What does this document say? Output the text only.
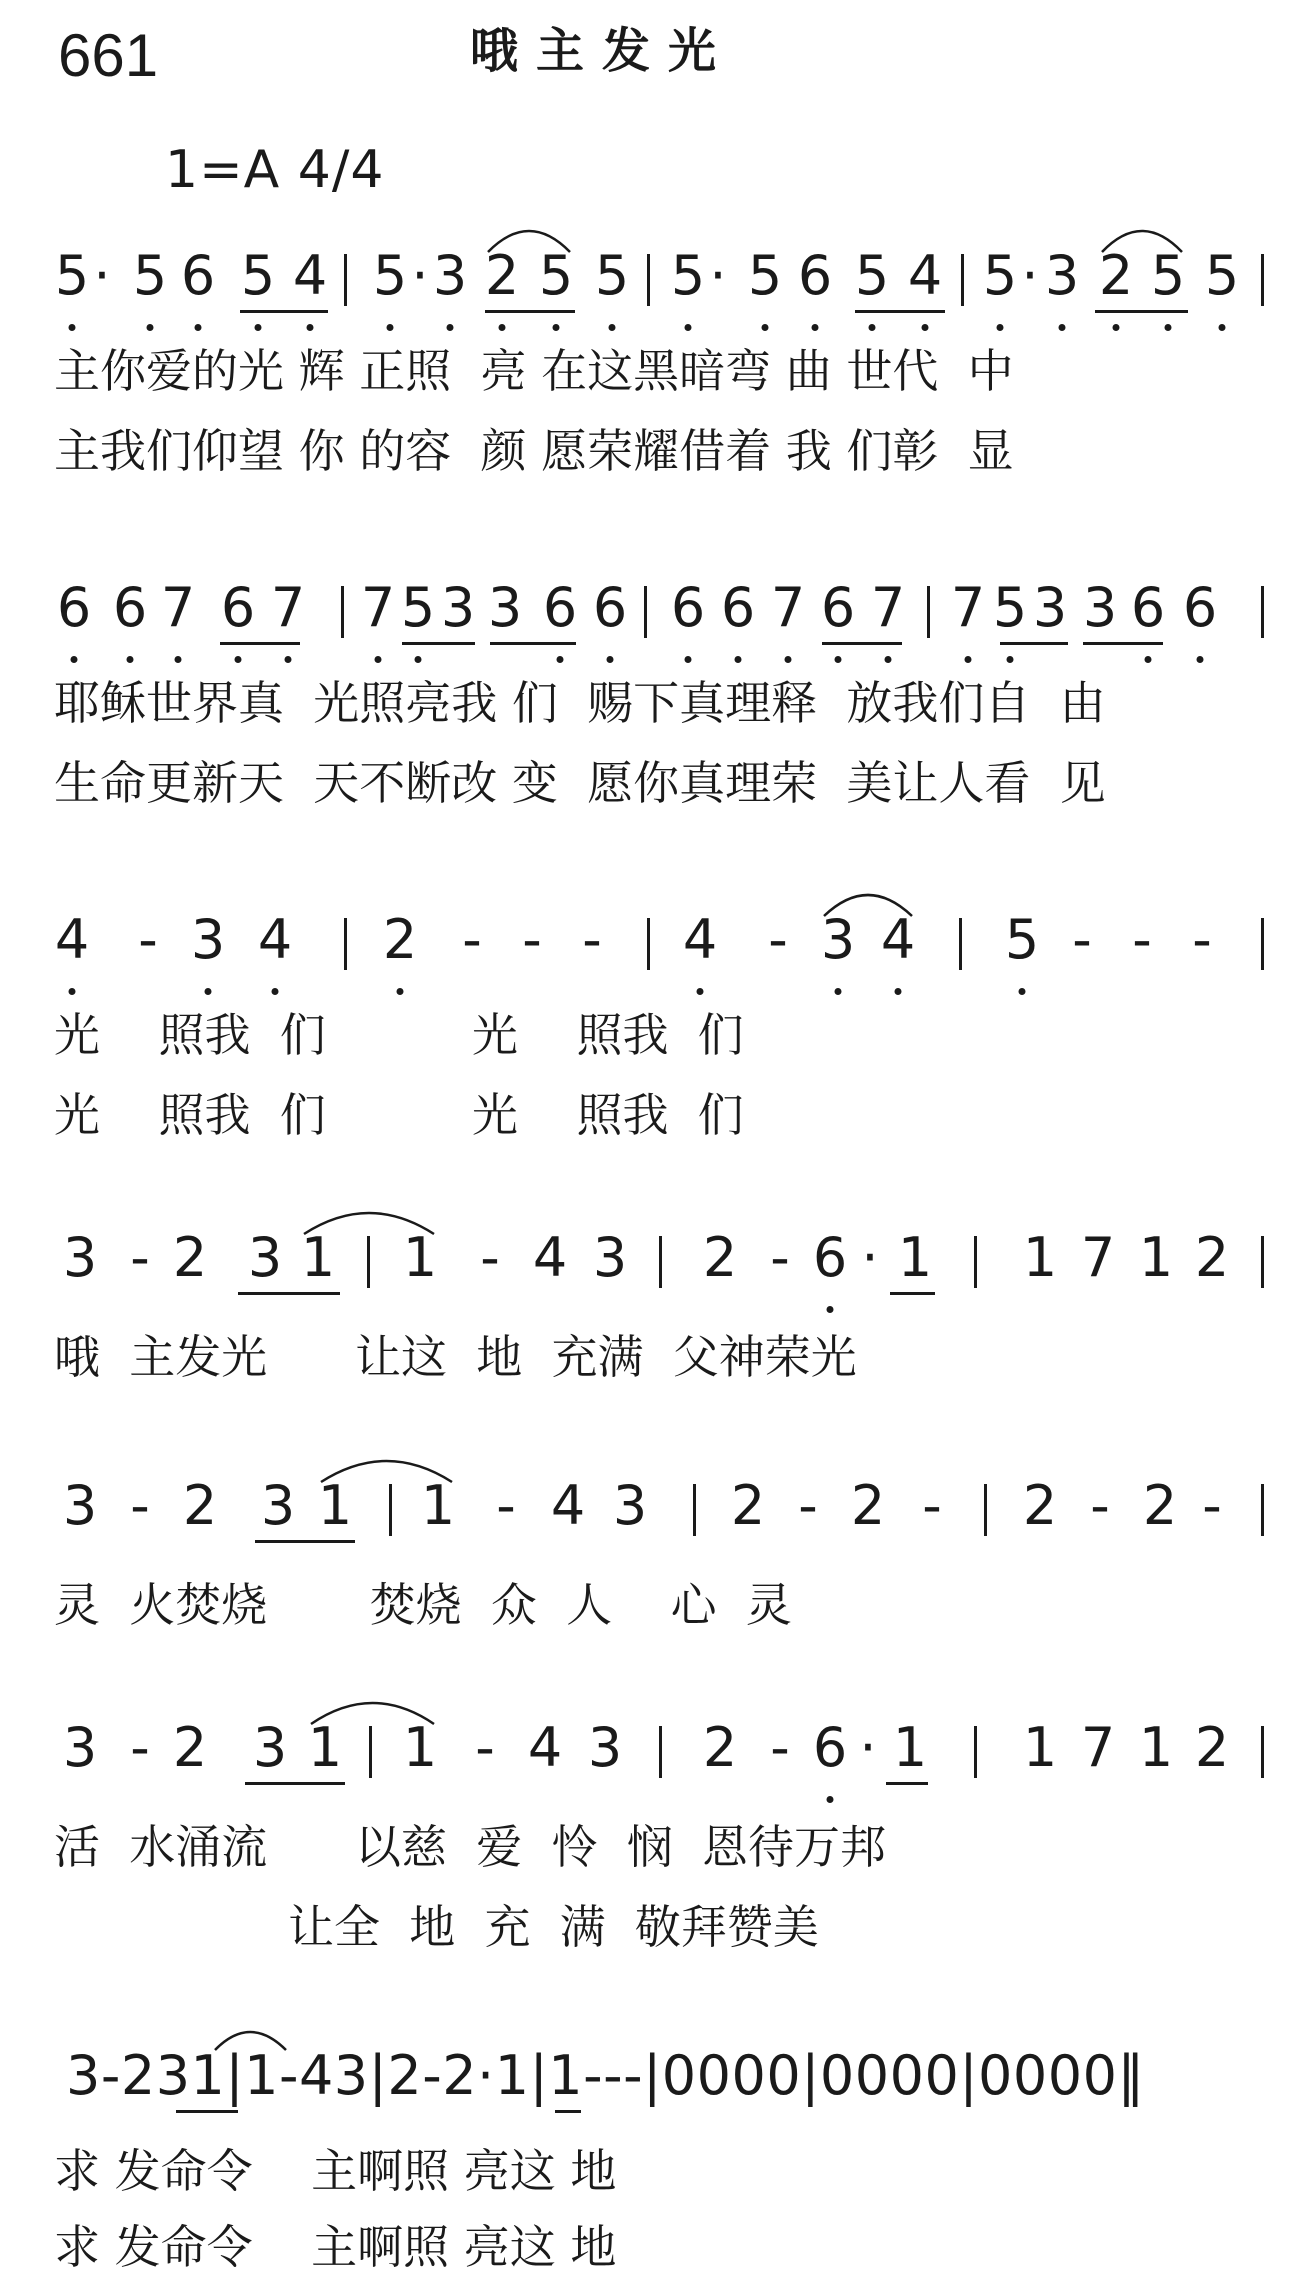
661	哦主发光
1=A 4/4
5 · 5 6 5 4 5 · 3 2 5 5 5 · 5 6 5 4 5 · 3 2 5 5
主你爱的光 辉 正照  亮 在这黑暗弯 曲 世代  中
主我们仰望 你 的容  颜 愿荣耀借着 我 们彰  显
6 6 7 6 7 7 5 3 3 6 6 6 6 7 6 7 7 5 3 3 6 6
耶稣世界真  光照亮我 们  赐下真理释  放我们自  由
生命更新天  天不断改 变  愿你真理荣  美让人看  见
4 - 3 4 2 - - - 4 - 3 4 5 - - -
光    照我  们          光    照我  们
光    照我  们          光    照我  们
3 - 2 3 1 1 - 4 3 2 - 6 · 1 1 7 1 2
哦  主发光      让这  地  充满  父神荣光
3 - 2 3 1 1 - 4 3 2 - 2 - 2 - 2 -
灵  火焚烧       焚烧  众  人    心  灵
3 - 2 3 1 1 - 4 3 2 - 6 · 1 1 7 1 2
活  水涌流      以慈  爱  怜  悯  恩待万邦
让全  地  充  满  敬拜赞美
3-231|1-43|2-2·1|1---|0000|0000|0000‖
求 发命令    主啊照 亮这 地
求 发命令    主啊照 亮这 地
